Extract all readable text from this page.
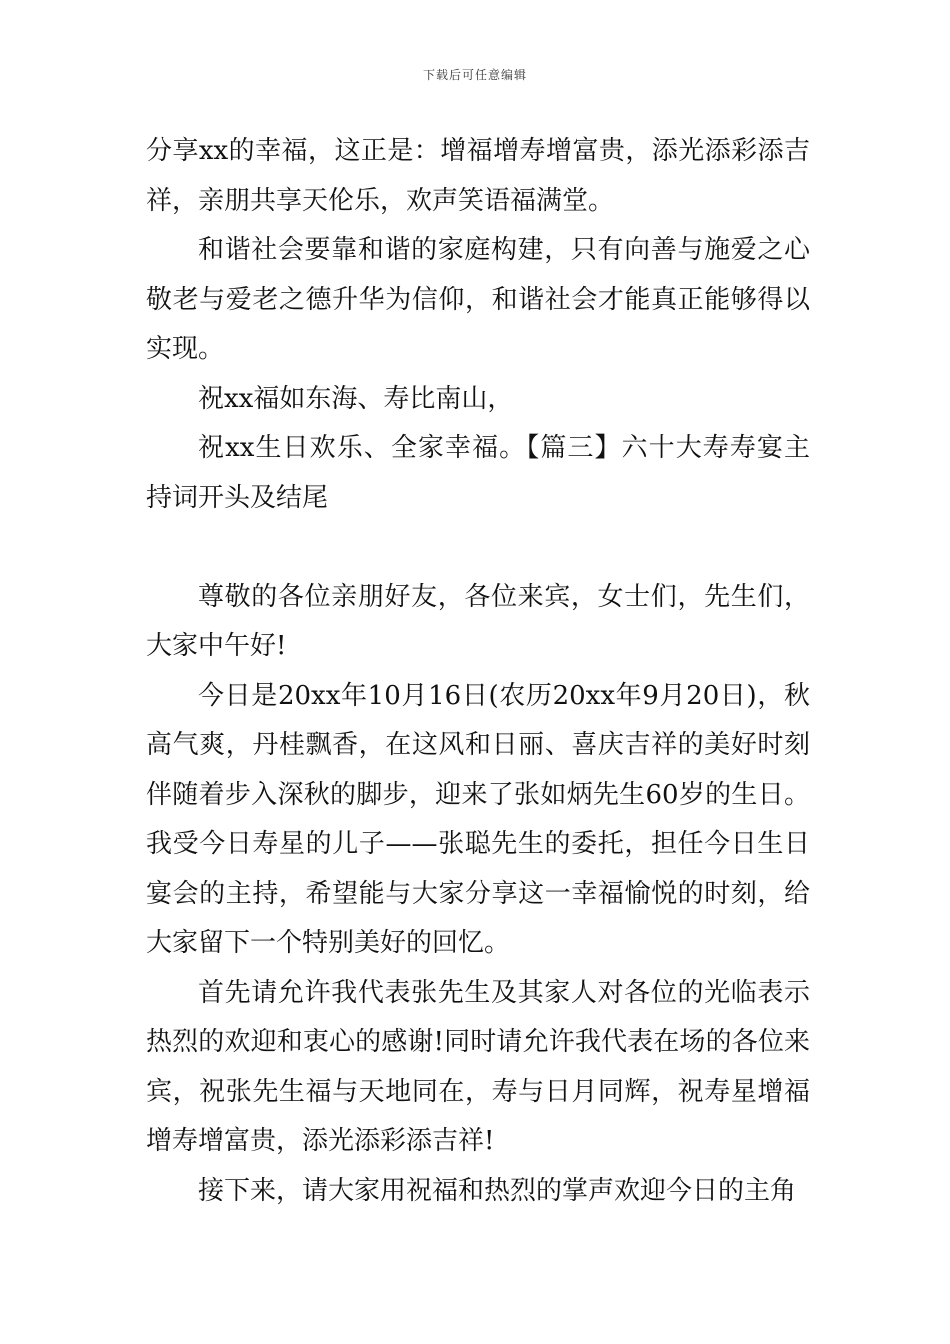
下载后可任意编辑

分享xx的幸福，这正是：增福增寿增富贵，添光添彩添吉祥，亲朋共享天伦乐，欢声笑语福满堂。

和谐社会要靠和谐的家庭构建，只有向善与施爱之心敬老与爱老之德升华为信仰，和谐社会才能真正能够得以实现。

祝xx福如东海、寿比南山，

祝xx生日欢乐、全家幸福。【篇三】六十大寿寿宴主持词开头及结尾

尊敬的各位亲朋好友，各位来宾，女士们，先生们，大家中午好!

今日是20xx年10月16日(农历20xx年9月20日)，秋高气爽，丹桂飘香，在这风和日丽、喜庆吉祥的美好时刻伴随着步入深秋的脚步，迎来了张如炳先生60岁的生日。我受今日寿星的儿子——张聪先生的委托，担任今日生日宴会的主持，希望能与大家分享这一幸福愉悦的时刻，给大家留下一个特别美好的回忆。

首先请允许我代表张先生及其家人对各位的光临表示热烈的欢迎和衷心的感谢!同时请允许我代表在场的各位来宾，祝张先生福与天地同在，寿与日月同辉，祝寿星增福增寿增富贵，添光添彩添吉祥!

接下来，请大家用祝福和热烈的掌声欢迎今日的主角
